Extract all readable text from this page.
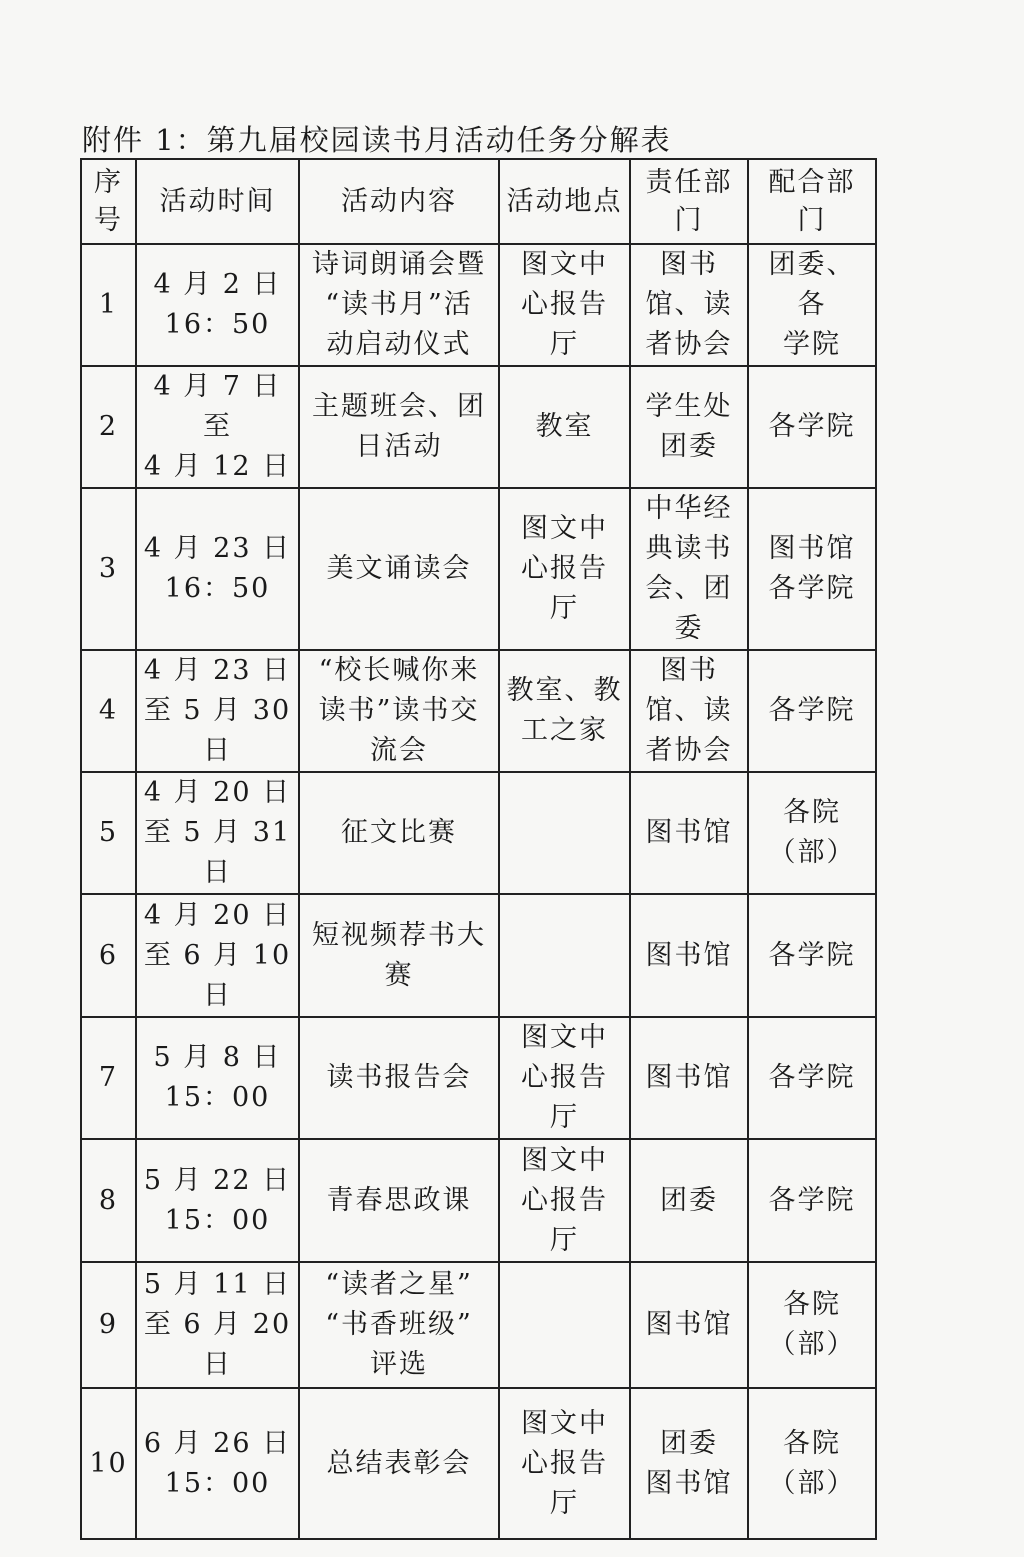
附件 1：第九届校园读书月活动任务分解表
序号	活动时间	活动内容	活动地点	责任部门	配合部门
1	4 月 2 日
16：50	诗词朗诵会暨
“读书月”活
动启动仪式	图文中
心报告
厅	图书
馆、读
者协会	团委、各
学院

2	4 月 7 日至
4 月 12 日	主题班会、团
日活动	教室	学生处
团委	各学院

3	4 月 23 日
16：50	美文诵读会	图文中
心报告
厅	中华经
典读书
会、团
委	图书馆
各学院

4	4 月 23 日
至 5 月 30
日	“校长喊你来
读书”读书交
流会	教室、教
工之家	图书
馆、读
者协会	各学院

5	4 月 20 日
至 5 月 31
日	征文比赛		图书馆	各院
（部）

6	4 月 20 日
至 6 月 10
日	短视频荐书大
赛		图书馆	各学院

7	5 月 8 日
15：00	读书报告会	图文中
心报告
厅	图书馆	各学院

8	5 月 22 日
15：00	青春思政课	图文中
心报告
厅	团委	各学院

9	5 月 11 日
至 6 月 20
日	“读者之星”
“书香班级”
评选		图书馆	各院
（部）

10	6 月 26 日
15：00	总结表彰会	图文中
心报告
厅	团委
图书馆	各院
（部）
